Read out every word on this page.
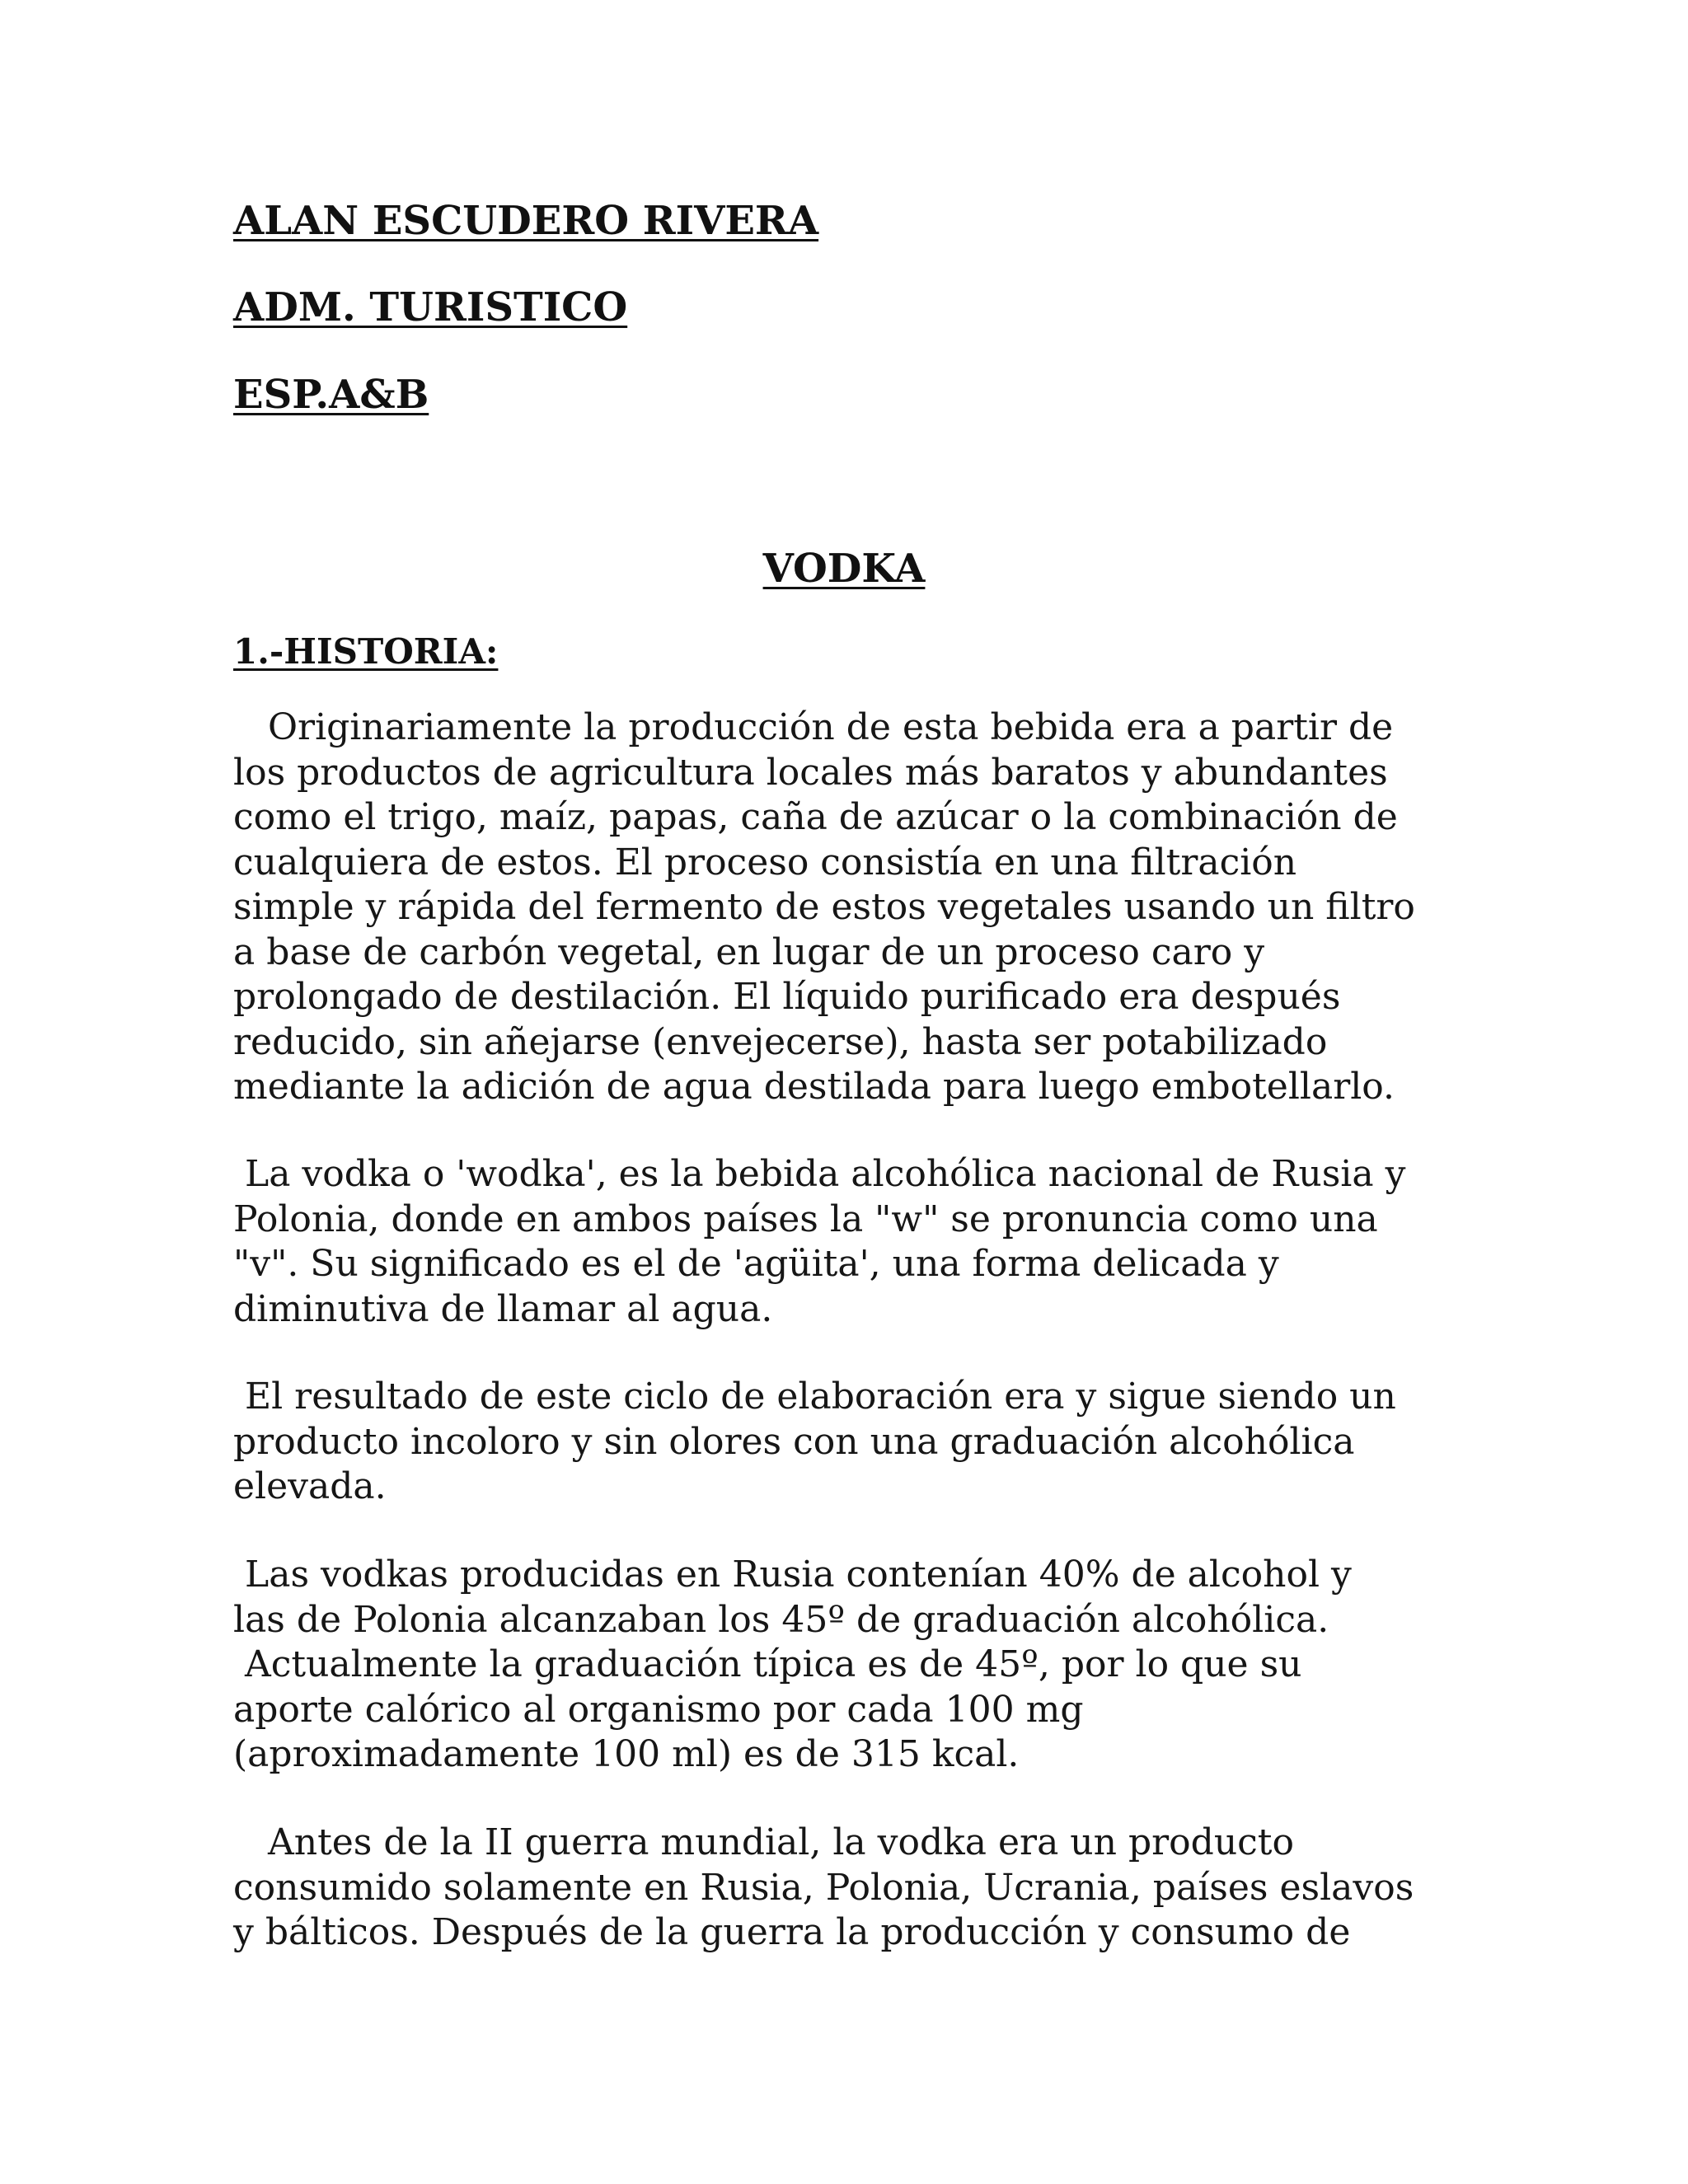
ALAN ESCUDERO RIVERA

ADM. TURISTICO

ESP.A&B

VODKA
1.-HISTORIA:
Originariamente la producción de esta bebida era a partir de
los productos de agricultura locales más baratos y abundantes
como el trigo, maíz, papas, caña de azúcar o la combinación de
cualquiera de estos. El proceso consistía en una filtración
simple y rápida del fermento de estos vegetales usando un filtro
a base de carbón vegetal, en lugar de un proceso caro y
prolongado de destilación. El líquido purificado era después
reducido, sin añejarse (envejecerse), hasta ser potabilizado
mediante la adición de agua destilada para luego embotellarlo.
La vodka o 'wodka', es la bebida alcohólica nacional de Rusia y
Polonia, donde en ambos países la "w" se pronuncia como una
"v". Su significado es el de 'agüita', una forma delicada y
diminutiva de llamar al agua.
El resultado de este ciclo de elaboración era y sigue siendo un
producto incoloro y sin olores con una graduación alcohólica
elevada.
Las vodkas producidas en Rusia contenían 40% de alcohol y
las de Polonia alcanzaban los 45º de graduación alcohólica.
Actualmente la graduación típica es de 45º, por lo que su
aporte calórico al organismo por cada 100 mg
(aproximadamente 100 ml) es de 315 kcal.
Antes de la II guerra mundial, la vodka era un producto
consumido solamente en Rusia, Polonia, Ucrania, países eslavos
y bálticos. Después de la guerra la producción y consumo de
